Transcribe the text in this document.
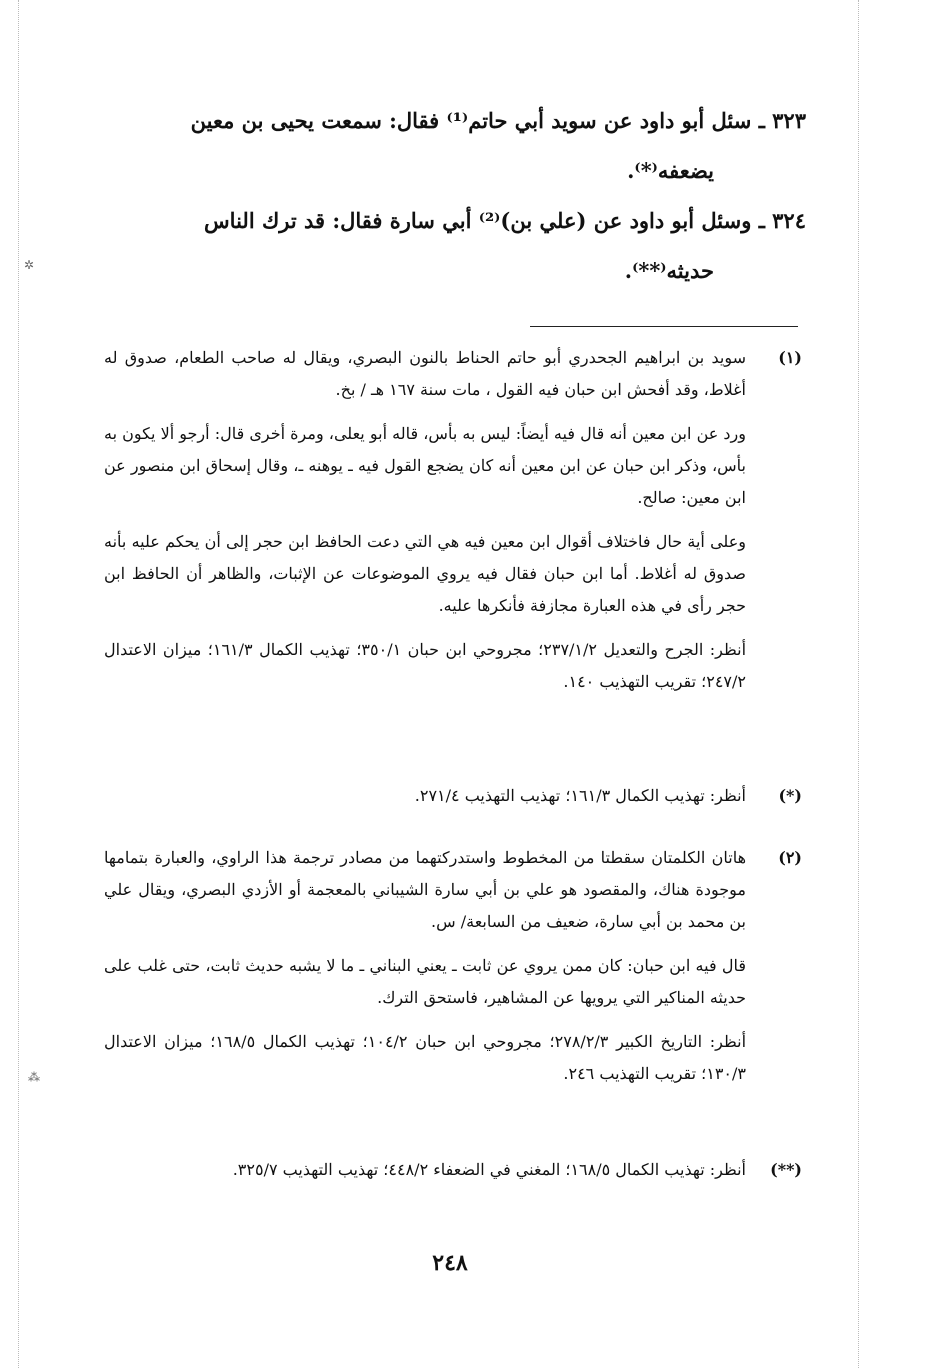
✲
⁂
٣٢٣ ـ سئل أبو داود عن سويد أبي حاتم⁽¹⁾ فقال: سمعت يحيى بن معين
يضعفه⁽*⁾.
٣٢٤ ـ وسئل أبو داود عن (علي بن)⁽²⁾ أبي سارة فقال: قد ترك الناس
حديثه⁽**⁾.
(١)

سويد بن ابراهيم الجحدري أبو حاتم الحناط بالنون البصري، ويقال له صاحب الطعام، صدوق له أغلاط، وقد أفحش ابن حبان فيه القول ، مات سنة ١٦٧ هـ / بخ.

ورد عن ابن معين أنه قال فيه أيضاً: ليس به بأس، قاله أبو يعلى، ومرة أخرى قال: أرجو ألا يكون به بأس، وذكر ابن حبان عن ابن معين أنه كان يضجع القول فيه ـ يوهنه ـ، وقال إسحاق ابن منصور عن ابن معين: صالح.

وعلى أية حال فاختلاف أقوال ابن معين فيه هي التي دعت الحافظ ابن حجر إلى أن يحكم عليه بأنه صدوق له أغلاط. أما ابن حبان فقال فيه يروي الموضوعات عن الإثبات، والظاهر أن الحافظ ابن حجر رأى في هذه العبارة مجازفة فأنكرها عليه.

أنظر: الجرح والتعديل ٢٣٧/١/٢؛ مجروحي ابن حبان ٣٥٠/١؛ تهذيب الكمال ١٦١/٣؛ ميزان الاعتدال ٢٤٧/٢؛ تقريب التهذيب ١٤٠.

(*)

أنظر: تهذيب الكمال ١٦١/٣؛ تهذيب التهذيب ٢٧١/٤.

(٢)

هاتان الكلمتان سقطتا من المخطوط واستدركتهما من مصادر ترجمة هذا الراوي، والعبارة بتمامها موجودة هناك، والمقصود هو علي بن أبي سارة الشيباني بالمعجمة أو الأزدي البصري، ويقال علي بن محمد بن أبي سارة، ضعيف من السابعة/ س.

قال فيه ابن حبان: كان ممن يروي عن ثابت ـ يعني البناني ـ ما لا يشبه حديث ثابت، حتى غلب على حديثه المناكير التي يرويها عن المشاهير، فاستحق الترك.

أنظر: التاريخ الكبير ٢٧٨/٢/٣؛ مجروحي ابن حبان ١٠٤/٢؛ تهذيب الكمال ١٦٨/٥؛ ميزان الاعتدال ١٣٠/٣؛ تقريب التهذيب ٢٤٦.

(**)

أنظر: تهذيب الكمال ١٦٨/٥؛ المغني في الضعفاء ٤٤٨/٢؛ تهذيب التهذيب ٣٢٥/٧.

٢٤٨
